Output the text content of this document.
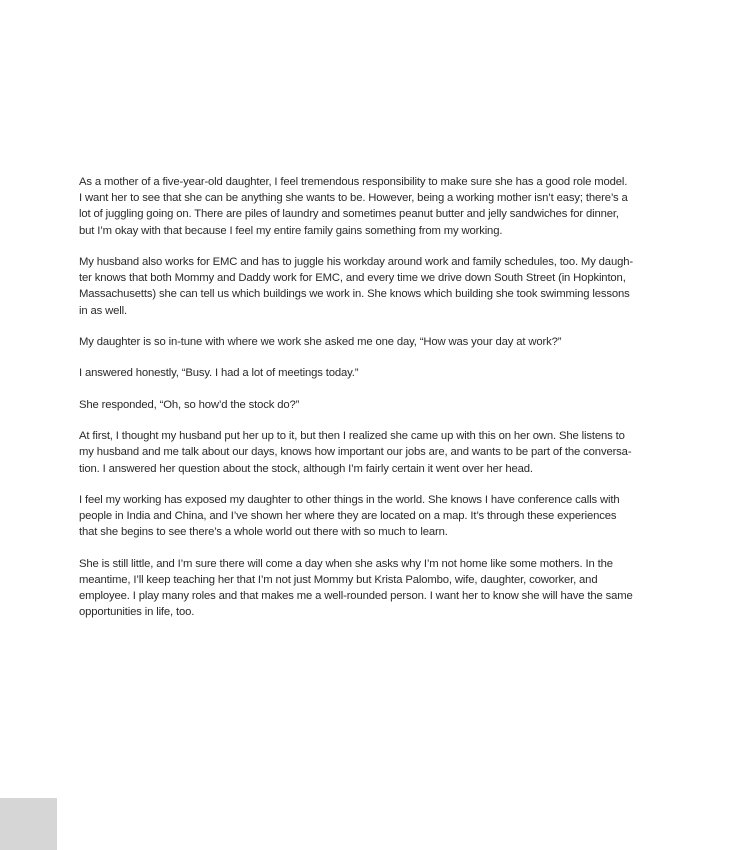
As a mother of a five-year-old daughter, I feel tremendous responsibility to make sure she has a good role model.
I want her to see that she can be anything she wants to be. However, being a working mother isn’t easy; there’s a
lot of juggling going on. There are piles of laundry and sometimes peanut butter and jelly sandwiches for dinner,
but I’m okay with that because I feel my entire family gains something from my working.

My husband also works for EMC and has to juggle his workday around work and family schedules, too. My daugh-
ter knows that both Mommy and Daddy work for EMC, and every time we drive down South Street (in Hopkinton,
Massachusetts) she can tell us which buildings we work in. She knows which building she took swimming lessons
in as well.

My daughter is so in-tune with where we work she asked me one day, “How was your day at work?”

I answered honestly, “Busy. I had a lot of meetings today.”

She responded, “Oh, so how’d the stock do?”

At first, I thought my husband put her up to it, but then I realized she came up with this on her own. She listens to
my husband and me talk about our days, knows how important our jobs are, and wants to be part of the conversa-
tion. I answered her question about the stock, although I’m fairly certain it went over her head.

I feel my working has exposed my daughter to other things in the world. She knows I have conference calls with
people in India and China, and I’ve shown her where they are located on a map. It’s through these experiences
that she begins to see there’s a whole world out there with so much to learn.

She is still little, and I’m sure there will come a day when she asks why I’m not home like some mothers. In the
meantime, I’ll keep teaching her that I’m not just Mommy but Krista Palombo, wife, daughter, coworker, and
employee. I play many roles and that makes me a well-rounded person. I want her to know she will have the same
opportunities in life, too.
